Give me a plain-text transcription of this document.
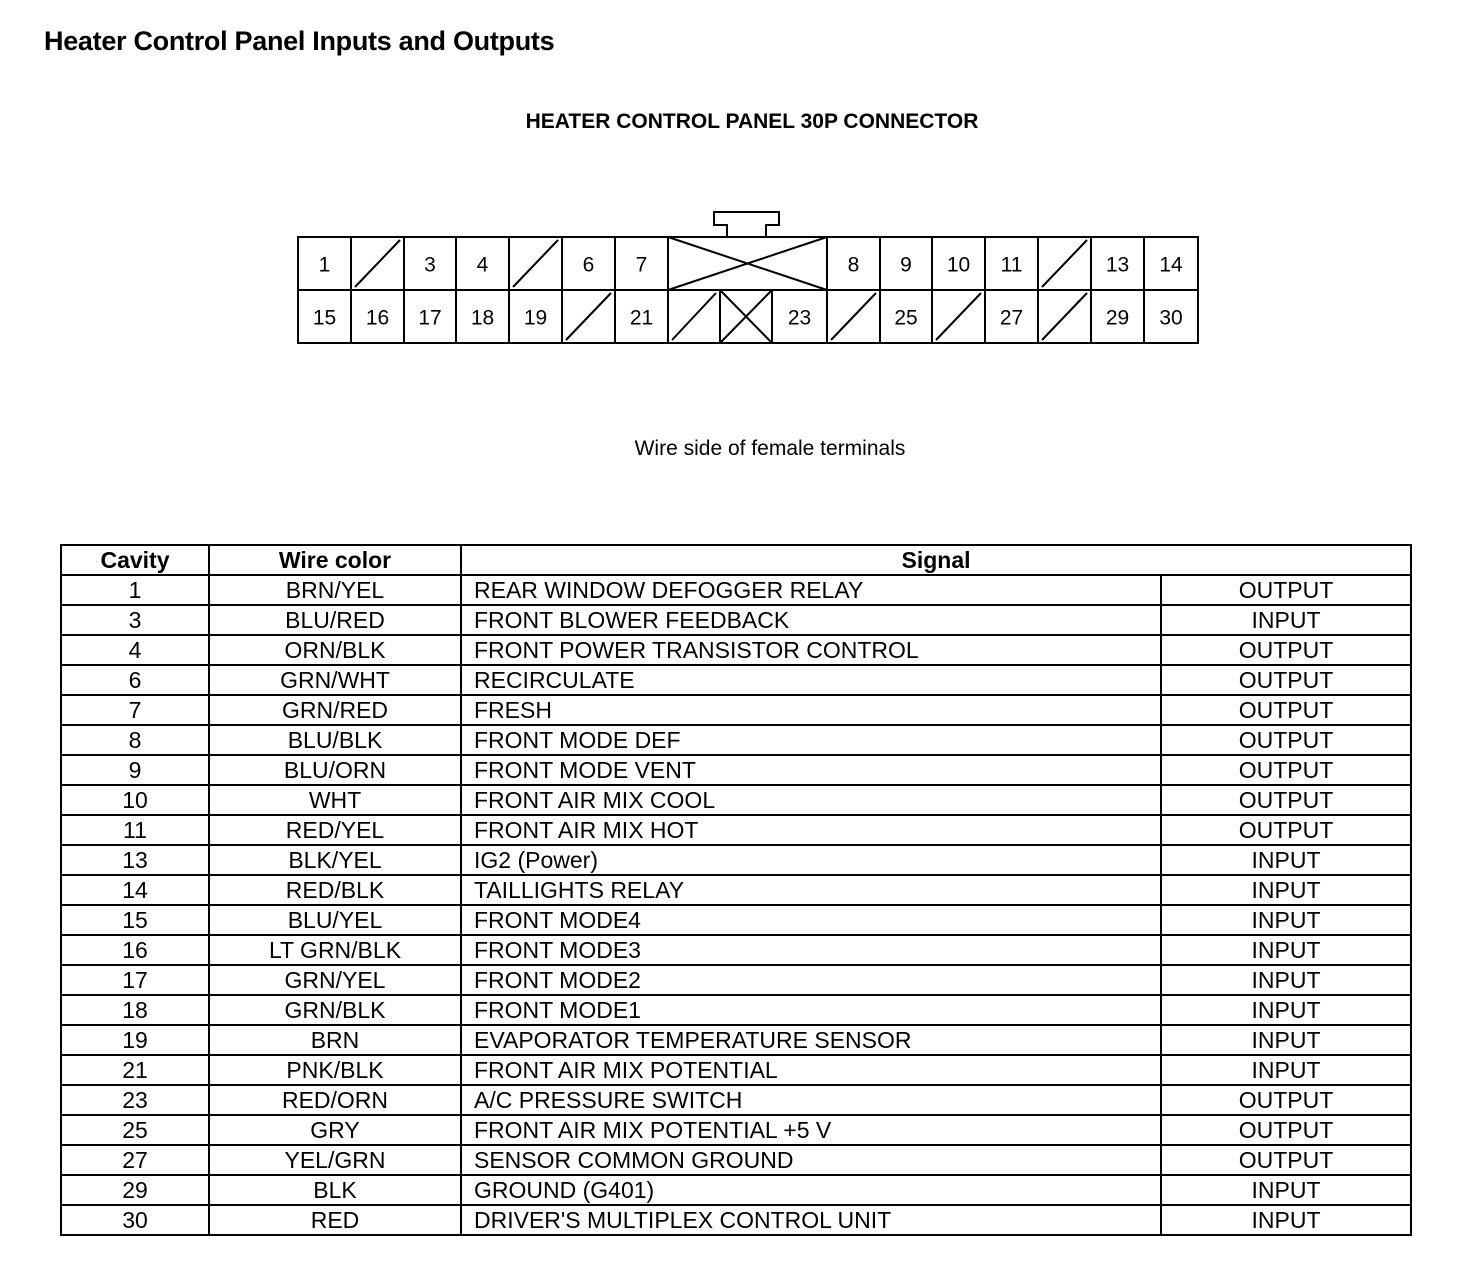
Heater Control Panel Inputs and Outputs
HEATER CONTROL PANEL 30P CONNECTOR
1	3 4	6 7	8 9 10 11	13 14
15 16 17 18 19	21	23	25	27	29 30
Wire side of female terminals
Cavity	Wire color	Signal	
1	BRN/YEL	REAR WINDOW DEFOGGER RELAY	OUTPUT
3	BLU/RED	FRONT BLOWER FEEDBACK	INPUT
4	ORN/BLK	FRONT POWER TRANSISTOR CONTROL	OUTPUT
6	GRN/WHT	RECIRCULATE	OUTPUT
7	GRN/RED	FRESH	OUTPUT
8	BLU/BLK	FRONT MODE DEF	OUTPUT
9	BLU/ORN	FRONT MODE VENT	OUTPUT
10	WHT	FRONT AIR MIX COOL	OUTPUT
11	RED/YEL	FRONT AIR MIX HOT	OUTPUT
13	BLK/YEL	IG2 (Power)	INPUT
14	RED/BLK	TAILLIGHTS RELAY	INPUT
15	BLU/YEL	FRONT MODE4	INPUT
16	LT GRN/BLK	FRONT MODE3	INPUT
17	GRN/YEL	FRONT MODE2	INPUT
18	GRN/BLK	FRONT MODE1	INPUT
19	BRN	EVAPORATOR TEMPERATURE SENSOR	INPUT
21	PNK/BLK	FRONT AIR MIX POTENTIAL	INPUT
23	RED/ORN	A/C PRESSURE SWITCH	OUTPUT
25	GRY	FRONT AIR MIX POTENTIAL +5 V	OUTPUT
27	YEL/GRN	SENSOR COMMON GROUND	OUTPUT
29	BLK	GROUND (G401)	INPUT
30	RED	DRIVER'S MULTIPLEX CONTROL UNIT	INPUT
